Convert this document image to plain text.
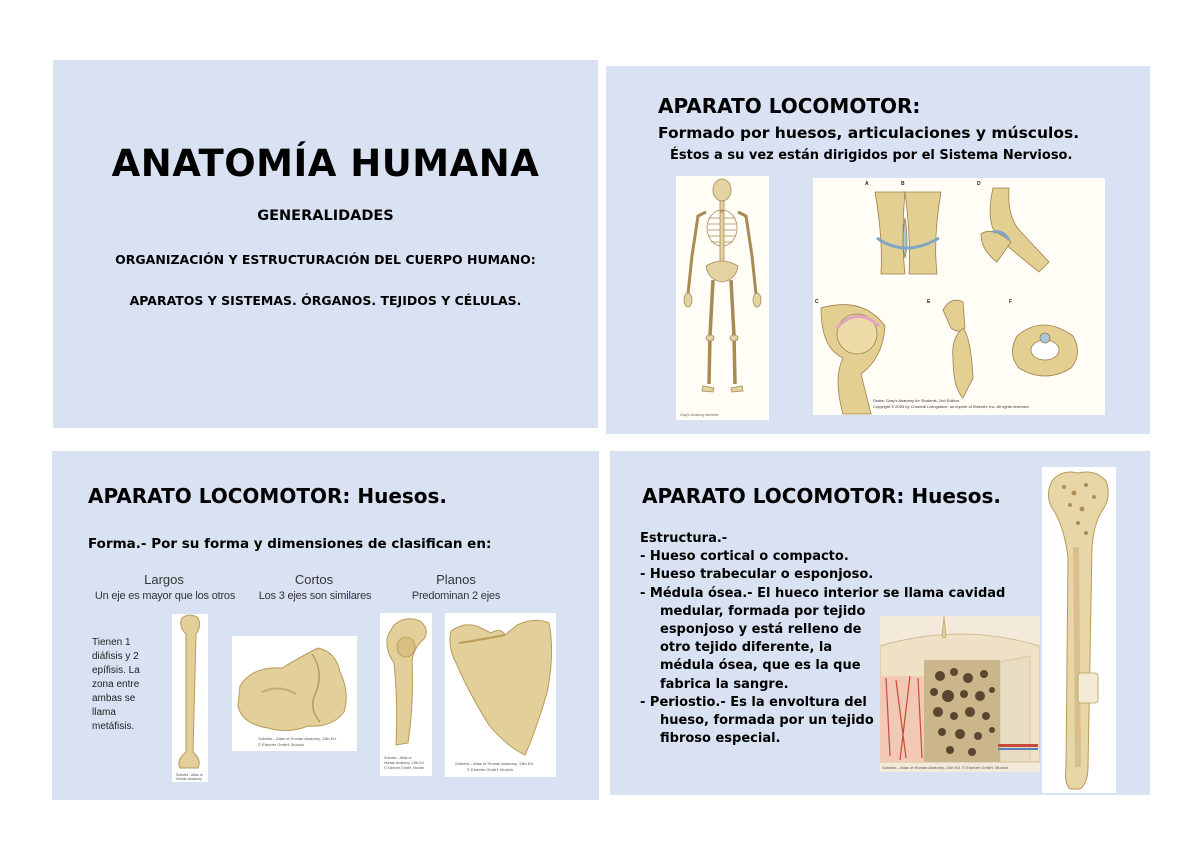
ANATOMÍA HUMANA
GENERALIDADES
ORGANIZACIÓN Y ESTRUCTURACIÓN DEL CUERPO HUMANO:
APARATOS Y SISTEMAS. ÓRGANOS. TEJIDOS Y CÉLULAS.
APARATO LOCOMOTOR:
Formado por huesos, articulaciones y músculos.
Éstos a su vez están dirigidos por el Sistema Nervioso.
Gray's Anatomy skeleton
A	B	D
C	E	F
Drake: Gray's Anatomy for Students, 2nd Edition.
Copyright © 2009 by Churchill Livingstone, an imprint of Elsevier, Inc. All rights reserved.
APARATO LOCOMOTOR: Huesos.
Forma.- Por su forma y dimensiones de clasifican en:
Largos
Un eje es mayor que los otros
Cortos
Los 3 ejes son similares
Planos
Predominan 2 ejes
Tienen 1 diáfisis y 2 epífisis. La zona entre ambas se llama metáfisis.
Sobotta - Atlas of
Human Anatomy
Sobotta – Atlas of Human Anatomy, 13th Ed.
© Elsevier GmbH, Munich
Sobotta – Atlas of
Human Anatomy, 13th Ed.
© Elsevier GmbH, Munich
Sobotta – Atlas of Human Anatomy, 13th Ed.
© Elsevier GmbH, Munich
APARATO LOCOMOTOR: Huesos.
Estructura.-
- Hueso cortical o compacto.
- Hueso trabecular o esponjoso.
- Médula ósea.- El hueco interior se llama cavidad
medular, formada por tejido
esponjoso y está relleno de
otro tejido diferente, la
médula ósea, que es la que
fabrica la sangre.
- Periostio.- Es la envoltura del
hueso, formada por un tejido
fibroso especial.
Sobotta – Atlas of Human Anatomy, 13th Ed. © Elsevier GmbH, Munich
